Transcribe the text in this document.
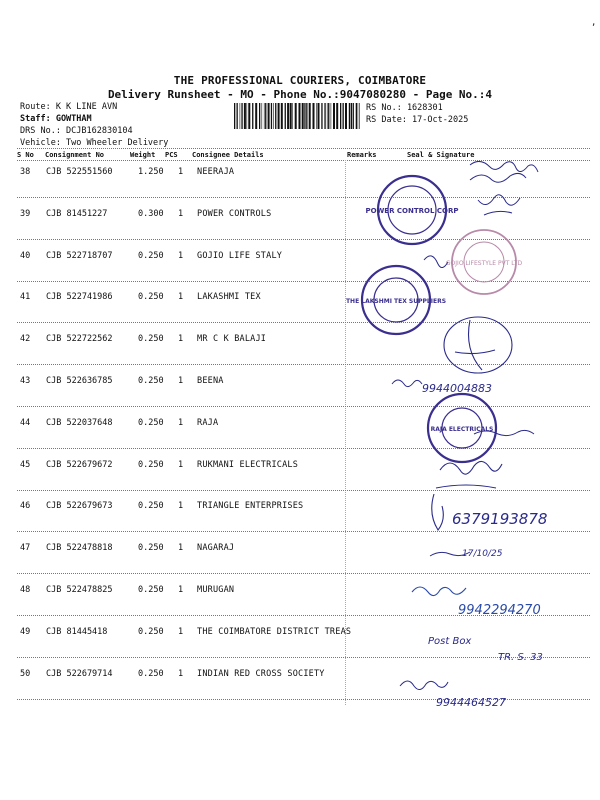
THE PROFESSIONAL COURIERS, COIMBATORE
Delivery Runsheet - MO - Phone No.:9047080280 - Page No.:4
Route: K K LINE AVN
Staff: GOWTHAM
DRS No.: DCJB162830104
Vehicle: Two Wheeler Delivery
RS No.: 1628301
RS Date: 17-Oct-2025
S No Consignment No	Weight PCS Consignee Details	Remarks	Seal & Signature
38 CJB 522551560	1.250 1 NEERAJA
39 CJB 81451227	0.300 1 POWER CONTROLS
40 CJB 522718707	0.250 1 GOJIO LIFE STALY
41 CJB 522741986	0.250 1 LAKASHMI TEX
42 CJB 522722562	0.250 1 MR C K BALAJI
43 CJB 522636785	0.250 1 BEENA
44 CJB 522037648	0.250 1 RAJA
45 CJB 522679672	0.250 1 RUKMANI ELECTRICALS
46 CJB 522679673	0.250 1 TRIANGLE ENTERPRISES
47 CJB 522478818	0.250 1 NAGARAJ
48 CJB 522478825	0.250 1 MURUGAN
49 CJB 81445418	0.250 1 THE COIMBATORE DISTRICT TREAS
50 CJB 522679714	0.250 1 INDIAN RED CROSS SOCIETY
POWER CONTROL CORP
GOJIO LIFESTYLE PVT LTD
THE LAKSHMI TEX SUPPLIERS
9944004883
RAJA ELECTRICALS
6379193878
17/10/25
9942294270
Post Box
TR. S. 33
9944464527
‚
